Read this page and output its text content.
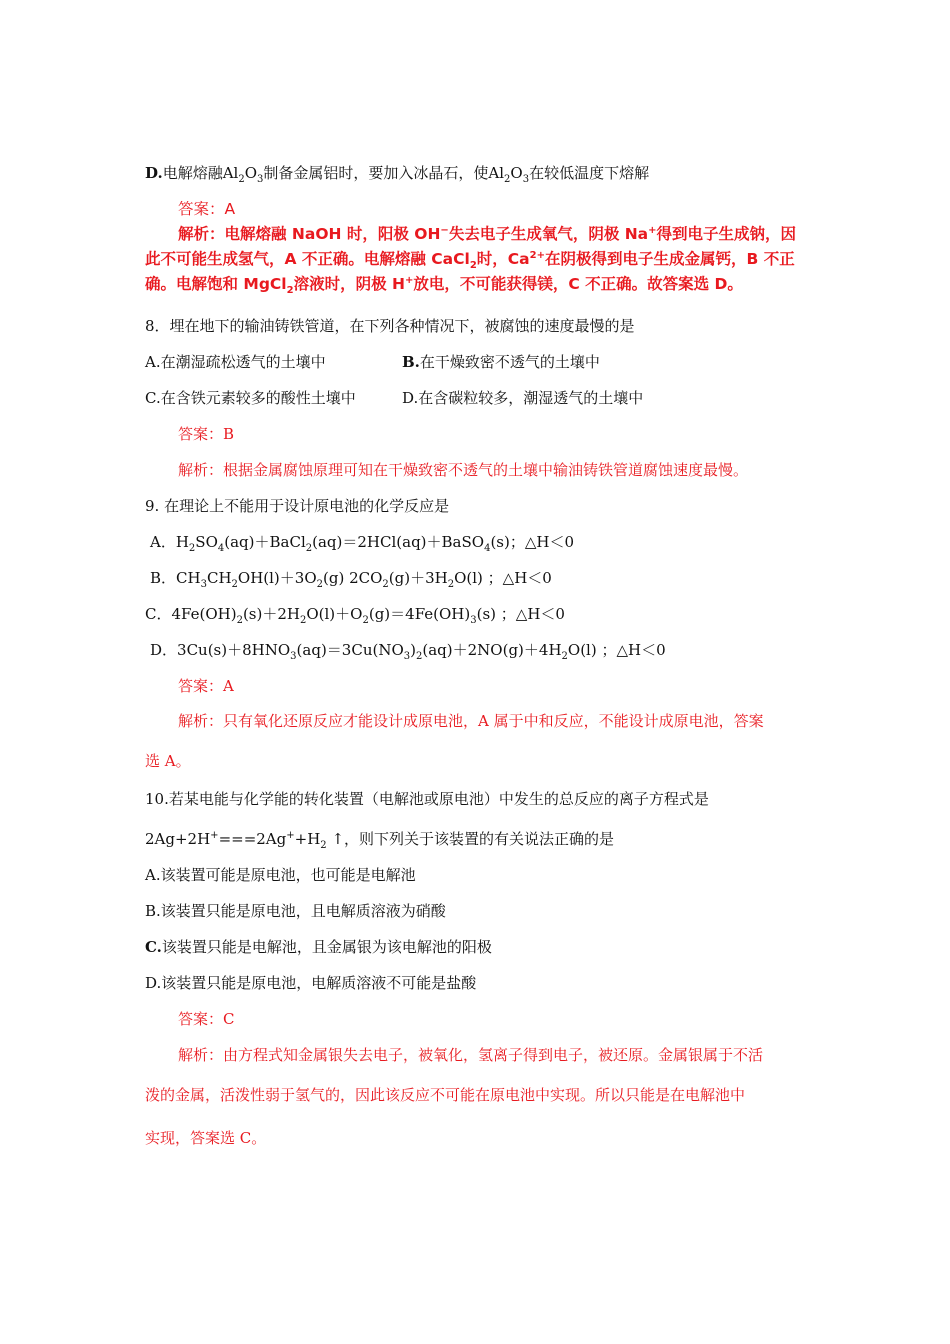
D.电解熔融$Al_2O_3$制备金属铝时，要加入冰晶石，使$Al_2O_3$在较低温度下熔解
答案：A
解析：电解熔融 NaOH 时，阳极 OH−失去电子生成氧气，阴极 Na+得到电子生成钠，因
此不可能生成氢气，A 不正确。电解熔融 CaCl$_2$时，$Ca^{2+}$在阴极得到电子生成金属钙，B 不正
确。电解饱和 MgCl$_2$溶液时，阴极 H+放电，不可能获得镁，C 不正确。故答案选 D。
8．埋在地下的输油铸铁管道，在下列各种情况下，被腐蚀的速度最慢的是
A.在潮湿疏松透气的土壤中	B.在干燥致密不透气的土壤中
C.在含铁元素较多的酸性土壤中	D.在含碳粒较多，潮湿透气的土壤中
答案：B
解析：根据金属腐蚀原理可知在干燥致密不透气的土壤中输油铸铁管道腐蚀速度最慢。
9. 在理论上不能用于设计原电池的化学反应是
A．$H_2SO_4(aq)+BaCl_2(aq)=2HCl(aq)+BaSO_4(s)$；△H＜0
B．$CH_3CH_2OH(l)+3O_2(g)$ $2CO_2(g)+3H_2O(l)$ ；△H＜0
C．$4Fe(OH)_2(s)+2H_2O(l)+O_2(g)=4Fe(OH)_3(s)$ ；△H＜0
D．$3Cu(s)+8HNO_3(aq)=3Cu(NO_3)_2(aq)+2NO(g)+4H_2O(l)$ ；△H＜0
答案：A
解析：只有氧化还原反应才能设计成原电池，A 属于中和反应，不能设计成原电池，答案
选 A。
10.若某电能与化学能的转化装置（电解池或原电池）中发生的总反应的离子方程式是
$2Ag+2H^+===2Ag^++H_2$ ↑，则下列关于该装置的有关说法正确的是
A.该装置可能是原电池，也可能是电解池
B.该装置只能是原电池，且电解质溶液为硝酸
C.该装置只能是电解池，且金属银为该电解池的阳极
D.该装置只能是原电池，电解质溶液不可能是盐酸
答案：C
解析：由方程式知金属银失去电子，被氧化，氢离子得到电子，被还原。金属银属于不活
泼的金属，活泼性弱于氢气的，因此该反应不可能在原电池中实现。所以只能是在电解池中
实现，答案选 C。
